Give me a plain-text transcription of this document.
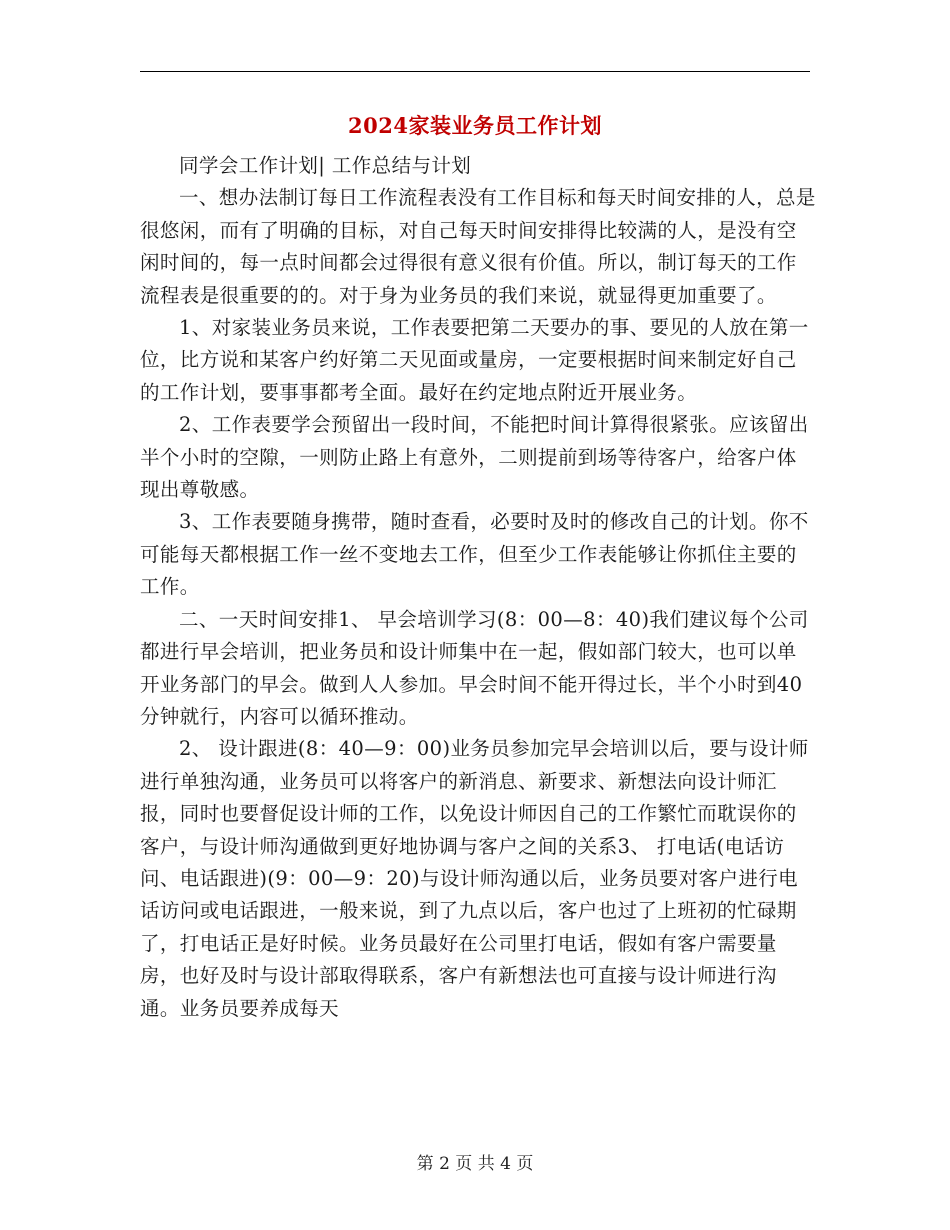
2024家装业务员工作计划

同学会工作计划| 工作总结与计划

一、想办法制订每日工作流程表没有工作目标和每天时间安排的人，总是很悠闲，而有了明确的目标，对自己每天时间安排得比较满的人，是没有空闲时间的，每一点时间都会过得很有意义很有价值。所以，制订每天的工作流程表是很重要的的。对于身为业务员的我们来说，就显得更加重要了。

1、对家装业务员来说，工作表要把第二天要办的事、要见的人放在第一位，比方说和某客户约好第二天见面或量房，一定要根据时间来制定好自己的工作计划，要事事都考全面。最好在约定地点附近开展业务。

2、工作表要学会预留出一段时间，不能把时间计算得很紧张。应该留出半个小时的空隙，一则防止路上有意外，二则提前到场等待客户，给客户体现出尊敬感。

3、工作表要随身携带，随时查看，必要时及时的修改自己的计划。你不可能每天都根据工作一丝不变地去工作，但至少工作表能够让你抓住主要的工作。

二、一天时间安排1、 早会培训学习(8：00—8：40)我们建议每个公司都进行早会培训，把业务员和设计师集中在一起，假如部门较大，也可以单开业务部门的早会。做到人人参加。早会时间不能开得过长，半个小时到40分钟就行，内容可以循环推动。

2、 设计跟进(8：40—9：00)业务员参加完早会培训以后，要与设计师进行单独沟通，业务员可以将客户的新消息、新要求、新想法向设计师汇报，同时也要督促设计师的工作，以免设计师因自己的工作繁忙而耽误你的客户，与设计师沟通做到更好地协调与客户之间的关系3、 打电话(电话访问、电话跟进)(9：00—9：20)与设计师沟通以后，业务员要对客户进行电话访问或电话跟进，一般来说，到了九点以后，客户也过了上班初的忙碌期了，打电话正是好时候。业务员最好在公司里打电话，假如有客户需要量房，也好及时与设计部取得联系，客户有新想法也可直接与设计师进行沟通。业务员要养成每天

第 2 页 共 4 页
